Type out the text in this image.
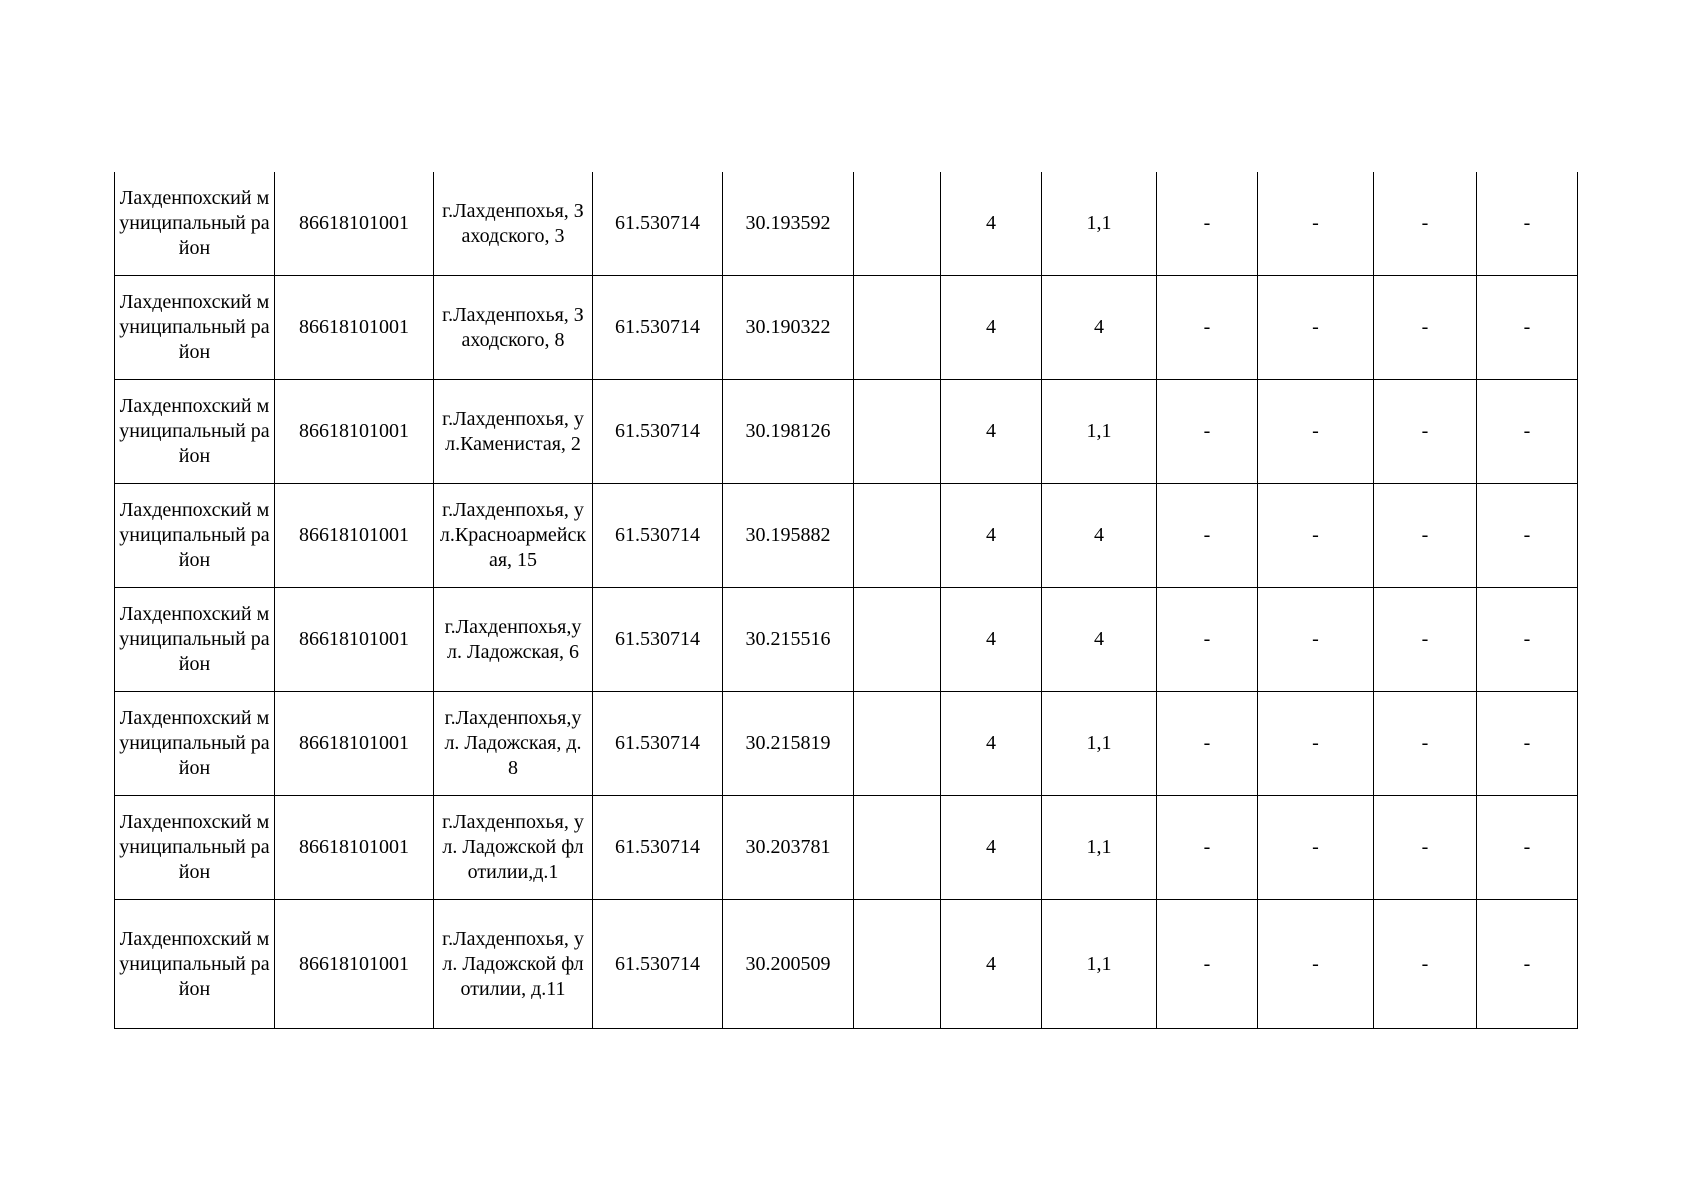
Лахденпохский муниципальный район	86618101001	г.Лахденпохья, Заходского, 3	61.530714	30.193592		4	1,1	-	-	-	-
Лахденпохский муниципальный район	86618101001	г.Лахденпохья, Заходского, 8	61.530714	30.190322		4	4	-	-	-	-
Лахденпохский муниципальный район	86618101001	г.Лахденпохья, ул.Каменистая, 2	61.530714	30.198126		4	1,1	-	-	-	-
Лахденпохский муниципальный район	86618101001	г.Лахденпохья, ул.Красноармейская, 15	61.530714	30.195882		4	4	-	-	-	-
Лахденпохский муниципальный район	86618101001	г.Лахденпохья,ул. Ладожская, 6	61.530714	30.215516		4	4	-	-	-	-
Лахденпохский муниципальный район	86618101001	г.Лахденпохья,ул. Ладожская, д. 8	61.530714	30.215819		4	1,1	-	-	-	-
Лахденпохский муниципальный район	86618101001	г.Лахденпохья, ул. Ладожской флотилии,д.1	61.530714	30.203781		4	1,1	-	-	-	-
Лахденпохский муниципальный район	86618101001	г.Лахденпохья, ул. Ладожской флотилии, д.11	61.530714	30.200509		4	1,1	-	-	-	-
